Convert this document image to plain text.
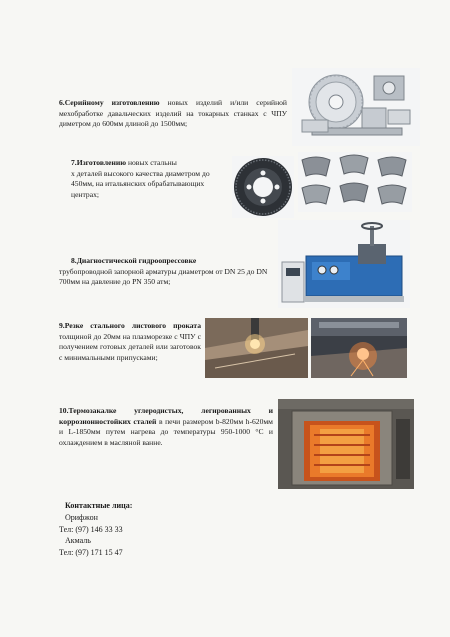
6.Серийному изготовлению новых изделий и/или серийной мехобработке давальческих изделий на токарных станках с ЧПУ диметром до 600мм длиной до 1500мм;
7.Изготовлению новых стальны
х деталей высокого качества диаметром до 450мм, на итальянских обрабатывающих центрах;
8.Диагностической гидроопрессовке
трубопроводной запорной арматуры диаметром от DN 25 до DN 700мм на давление до PN 350 атм;
9.Резке стального листового проката толщиной до 20мм на плазморезке с ЧПУ с получением готовых деталей или заготовок с минимальными припусками;
10.Термозакалке углеродистых, легированных и коррозионностойких сталей в печи размером b-820мм h-620мм и L-1850мм путем нагрева до температуры 950-1000 °С и охлаждением в масляной ванне.
Контактные лица:
Орифжон
Тел: (97) 146 33 33
Акмаль
Тел: (97) 171 15 47
